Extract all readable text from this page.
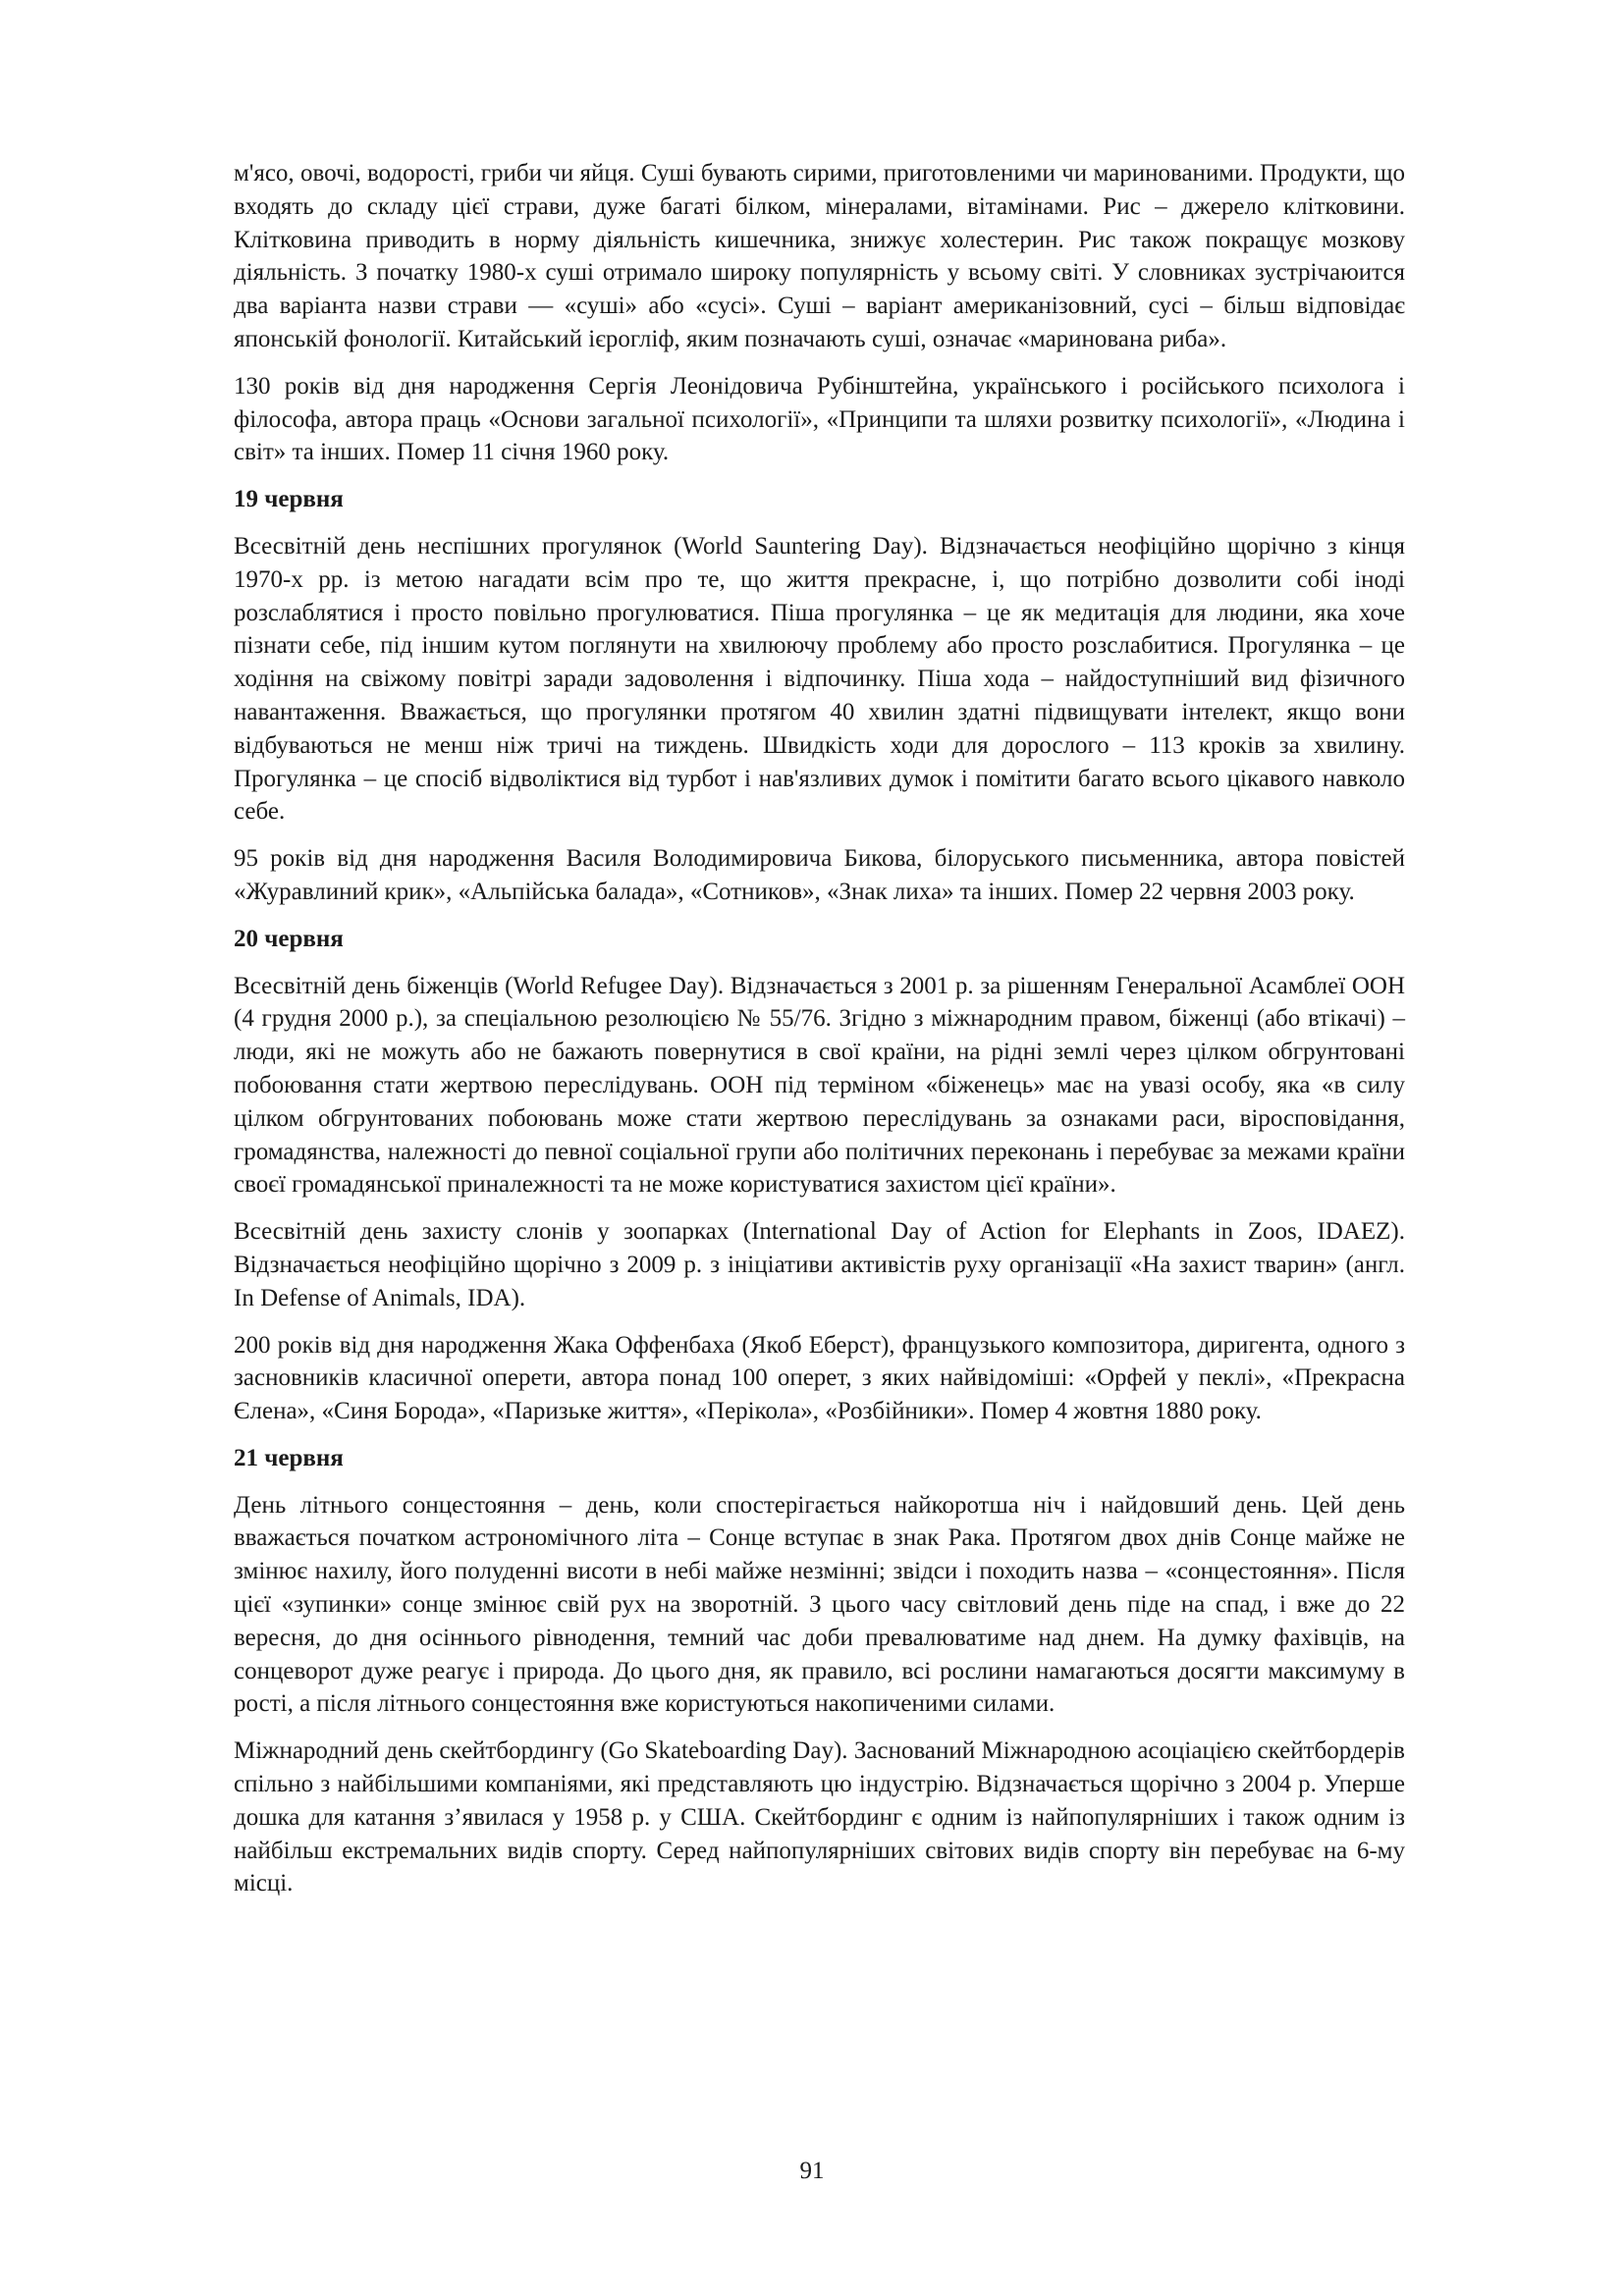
м'ясо, овочі, водорості, гриби чи яйця. Суші бувають сирими, приготовленими чи маринованими. Продукти, що входять до складу цієї страви, дуже багаті білком, мінералами, вітамінами. Рис – джерело клітковини. Клітковина приводить в норму діяльність кишечника, знижує холестерин. Рис також покращує мозкову діяльність. З початку 1980-х суші отримало широку популярність у всьому світі. У словниках зустрічаюится два варіанта назви страви — «суші» або «сусі». Суші – варіант американізовний, сусі – більш відповідає японській фонології. Китайський ієрогліф, яким позначають суші, означає «маринована риба».

130 років від дня народження Сергія Леонідовича Рубінштейна, українського і російського психолога і філософа, автора праць «Основи загальної психології», «Принципи та шляхи розвитку психології», «Людина і світ» та інших. Помер 11 січня 1960 року.

19 червня

Всесвітній день неспішних прогулянок (World Sauntering Day). Відзначається неофіційно щорічно з кінця 1970-х рр. із метою нагадати всім про те, що життя прекрасне, і, що потрібно дозволити собі іноді розслаблятися і просто повільно прогулюватися. Піша прогулянка – це як медитація для людини, яка хоче пізнати себе, під іншим кутом поглянути на хвилюючу проблему або просто розслабитися. Прогулянка – це ходіння на свіжому повітрі заради задоволення і відпочинку. Піша хода – найдоступніший вид фізичного навантаження. Вважається, що прогулянки протягом 40 хвилин здатні підвищувати інтелект, якщо вони відбуваються не менш ніж тричі на тиждень. Швидкість ходи для дорослого – 113 кроків за хвилину. Прогулянка – це спосіб відволіктися від турбот і нав'язливих думок і помітити багато всього цікавого навколо себе.

95 років від дня народження Василя Володимировича Бикова, білоруського письменника, автора повістей «Журавлиний крик», «Альпійська балада», «Сотников», «Знак лиха» та інших. Помер 22 червня 2003 року.

20 червня

Всесвітній день біженців (World Refugee Day). Відзначається з 2001 р. за рішенням Генеральної Асамблеї ООН (4 грудня 2000 р.), за спеціальною резолюцією № 55/76. Згідно з міжнародним правом, біженці (або втікачі) – люди, які не можуть або не бажають повернутися в свої країни, на рідні землі через цілком обгрунтовані побоювання стати жертвою переслідувань. ООН під терміном «біженець» має на увазі особу, яка «в силу цілком обгрунтованих побоювань може стати жертвою переслідувань за ознаками раси, віросповідання, громадянства, належності до певної соціальної групи або політичних переконань і перебуває за межами країни своєї громадянської приналежності та не може користуватися захистом цієї країни».

Всесвітній день захисту слонів у зоопарках (International Day of Action for Elephants in Zoos, IDAEZ). Відзначається неофіційно щорічно з 2009 р. з ініціативи активістів руху організації «На захист тварин» (англ. In Defense of Animals, IDA).

200 років від дня народження Жака Оффенбаха (Якоб Еберcт), французького композитора, диригента, одного з засновників класичної оперети, автора понад 100 оперет, з яких найвідоміші: «Орфей у пеклі», «Прекрасна Єлена», «Синя Борода», «Паризьке життя», «Перікола», «Розбійники». Помер 4 жовтня 1880 року.

21 червня

День літнього сонцестояння – день, коли спостерігається найкоротша ніч і найдовший день. Цей день вважається початком астрономічного літа – Сонце вступає в знак Рака. Протягом двох днів Сонце майже не змінює нахилу, його полуденні висоти в небі майже незмінні; звідси і походить назва – «сонцестояння». Після цієї «зупинки» сонце змінює свій рух на зворотній. З цього часу світловий день піде на спад, і вже до 22 вересня, до дня осіннього рівнодення, темний час доби превалюватиме над днем. На думку фахівців, на сонцеворот дуже реагує і природа. До цього дня, як правило, всі рослини намагаються досягти максимуму в рості, а після літнього сонцестояння вже користуються накопиченими силами.

Міжнародний день скейтбордингу (Go Skateboarding Day). Заснований Міжнародною асоціацією скейтбордерів спільно з найбільшими компаніями, які представляють цю індустрію. Відзначається щорічно з 2004 р. Уперше дошка для катання з’явилася у 1958 р. у США. Скейтбординг є одним із найпопулярніших і також одним із найбільш екстремальних видів спорту. Серед найпопулярніших світових видів спорту він перебуває на 6-му місці.

91
